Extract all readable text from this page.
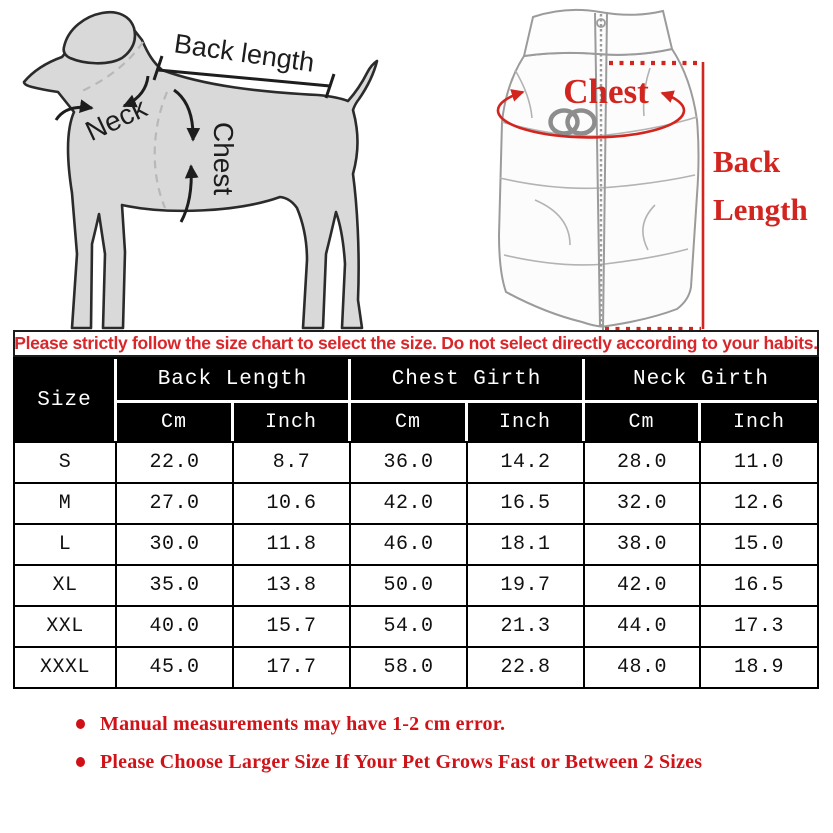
Back length
Neck
Chest
Chest
Back
Length
Please strictly follow the size chart to select the size. Do not select directly according to your habits.
Size	Back Length		Chest Girth		Neck Girth	
	Cm	Inch	Cm	Inch	Cm	Inch
S	22.0	8.7	36.0	14.2	28.0	11.0
M	27.0	10.6	42.0	16.5	32.0	12.6
L	30.0	11.8	46.0	18.1	38.0	15.0
XL	35.0	13.8	50.0	19.7	42.0	16.5
XXL	40.0	15.7	54.0	21.3	44.0	17.3
XXXL	45.0	17.7	58.0	22.8	48.0	18.9
Manual measurements may have 1-2 cm error.
Please Choose Larger Size If Your Pet Grows Fast or Between 2 Sizes
